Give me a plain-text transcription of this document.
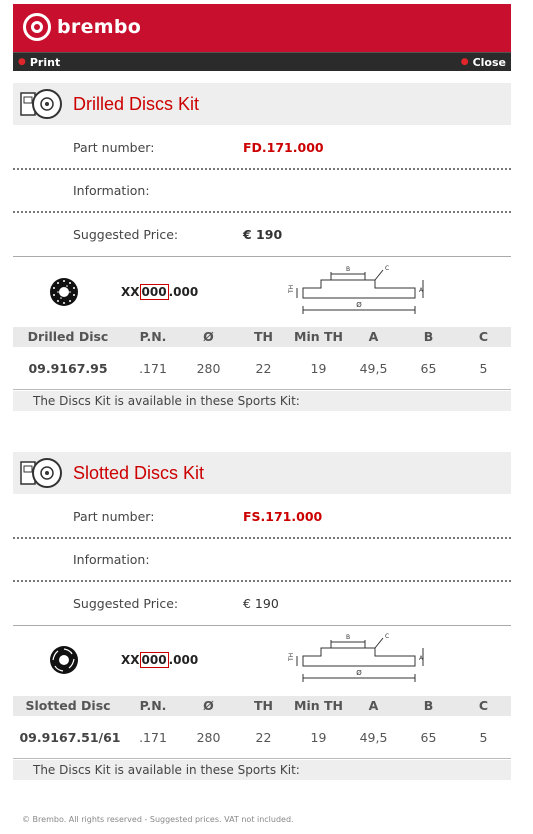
brembo
● Print	● Close
Drilled Discs Kit
Part number:	FD.171.000
Information:
Suggested Price:	€ 190
XX 000 .000
B	C
TH	A
Ø
Drilled Disc	P.N.	Ø	TH	Min TH	A	B	C
09.9167.95	.171	280	22	19	49,5	65	5
The Discs Kit is available in these Sports Kit:
Slotted Discs Kit
Part number:	FS.171.000
Information:
Suggested Price:	€ 190
XX 000 .000
B	C
TH	A
Ø
Slotted Disc	P.N.	Ø	TH	Min TH	A	B	C
09.9167.51/61	.171	280	22	19	49,5	65	5
The Discs Kit is available in these Sports Kit:
© Brembo. All rights reserved - Suggested prices. VAT not included.
